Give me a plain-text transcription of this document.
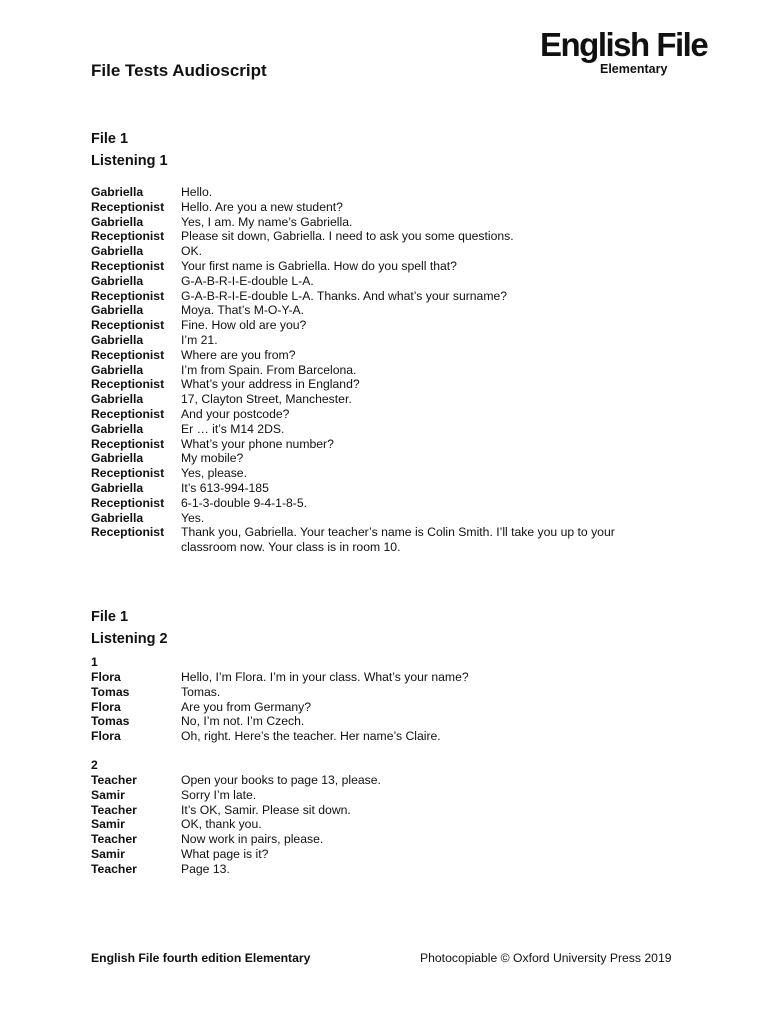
English File
Elementary
File Tests Audioscript
File 1
Listening 1
Gabriella	Hello.
Receptionist	Hello. Are you a new student?
Gabriella	Yes, I am. My name’s Gabriella.
Receptionist	Please sit down, Gabriella. I need to ask you some questions.
Gabriella	OK.
Receptionist	Your first name is Gabriella. How do you spell that?
Gabriella	G-A-B-R-I-E-double L-A.
Receptionist	G-A-B-R-I-E-double L-A. Thanks. And what’s your surname?
Gabriella	Moya. That’s M-O-Y-A.
Receptionist	Fine. How old are you?
Gabriella	I’m 21.
Receptionist	Where are you from?
Gabriella	I’m from Spain. From Barcelona.
Receptionist	What’s your address in England?
Gabriella	17, Clayton Street, Manchester.
Receptionist	And your postcode?
Gabriella	Er … it’s M14 2DS.
Receptionist	What’s your phone number?
Gabriella	My mobile?
Receptionist	Yes, please.
Gabriella	It’s 613-994-185
Receptionist	6-1-3-double 9-4-1-8-5.
Gabriella	Yes.
Receptionist	Thank you, Gabriella. Your teacher’s name is Colin Smith. I’ll take you up to your classroom now. Your class is in room 10.
File 1
Listening 2
1
Flora	Hello, I’m Flora. I’m in your class. What’s your name?
Tomas	Tomas.
Flora	Are you from Germany?
Tomas	No, I’m not. I’m Czech.
Flora	Oh, right. Here’s the teacher. Her name’s Claire.
2
Teacher	Open your books to page 13, please.
Samir	Sorry I’m late.
Teacher	It’s OK, Samir. Please sit down.
Samir	OK, thank you.
Teacher	Now work in pairs, please.
Samir	What page is it?
Teacher	Page 13.
English File fourth edition Elementary	Photocopiable © Oxford University Press 2019
